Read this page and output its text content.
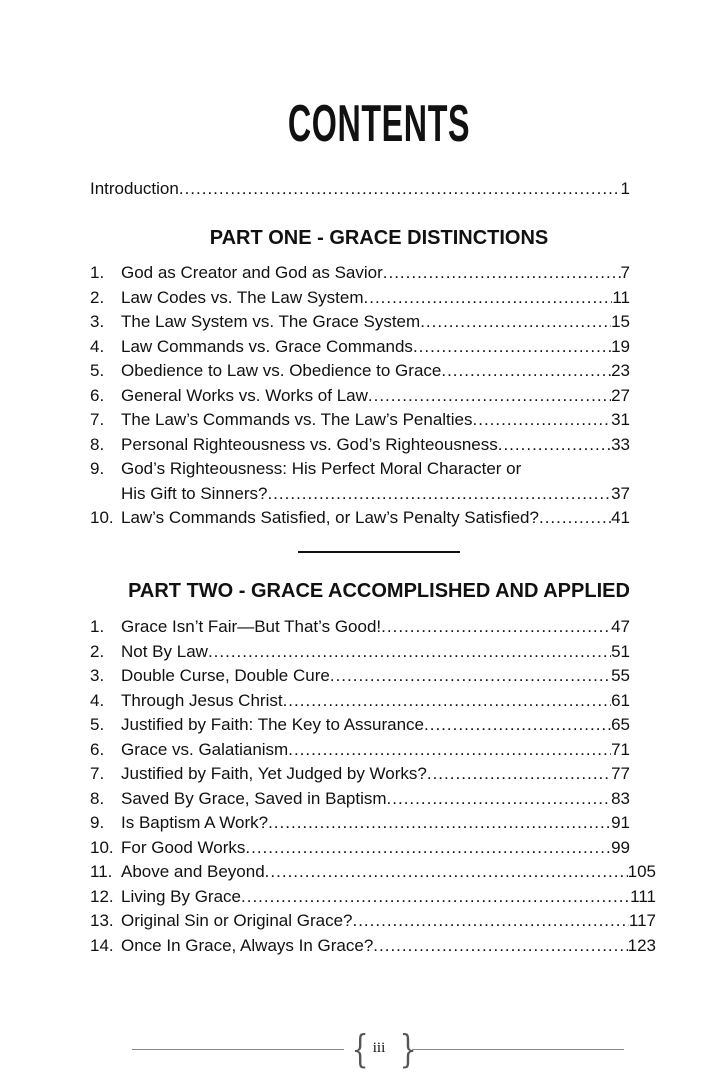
CONTENTS
Introduction .....	1
PART ONE - GRACE DISTINCTIONS
1. God as Creator and God as Savior .....	7
2. Law Codes vs. The Law System .....	11
3. The Law System vs. The Grace System .....	15
4. Law Commands vs. Grace Commands .....	19
5. Obedience to Law vs. Obedience to Grace .....	23
6. General Works vs. Works of Law .....	27
7. The Law’s Commands vs. The Law’s Penalties .....	31
8. Personal Righteousness vs. God’s Righteousness .....	33
9. God’s Righteousness: His Perfect Moral Character or
His Gift to Sinners? .....	37
10. Law’s Commands Satisfied, or Law’s Penalty Satisfied? .....	41
PART TWO - GRACE ACCOMPLISHED AND APPLIED
1. Grace Isn’t Fair—But That’s Good! .....	47
2. Not By Law .....	51
3. Double Curse, Double Cure .....	55
4. Through Jesus Christ .....	61
5. Justified by Faith: The Key to Assurance .....	65
6. Grace vs. Galatianism .....	71
7. Justified by Faith, Yet Judged by Works? .....	77
8. Saved By Grace, Saved in Baptism .....	83
9. Is Baptism A Work? .....	91
10. For Good Works .....	99
11. Above and Beyond .....	105
12. Living By Grace .....	111
13. Original Sin or Original Grace? .....	117
14. Once In Grace, Always In Grace? .....	123
{ iii }
